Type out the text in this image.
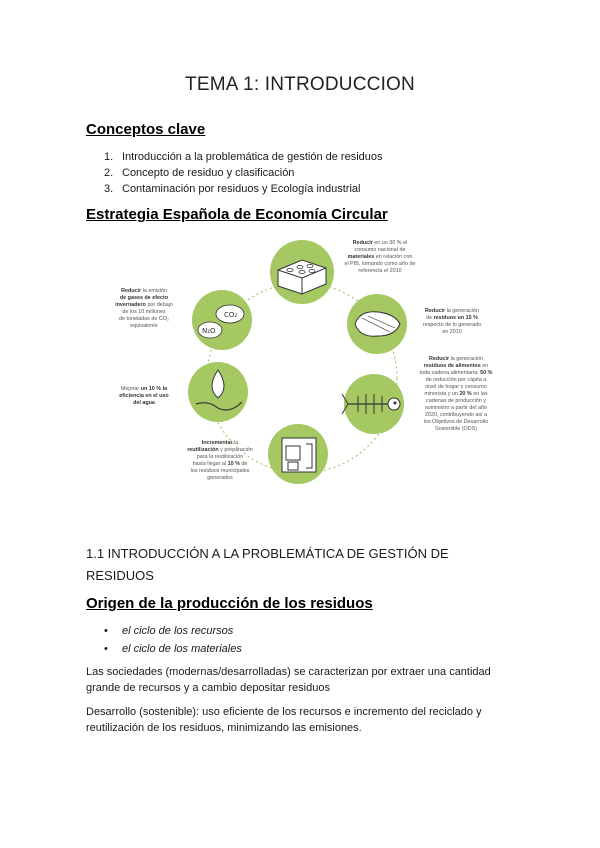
TEMA 1: INTRODUCCION
Conceptos clave
1. Introducción a la problemática de gestión de residuos
2. Concepto de residuo y clasificación
3. Contaminación por residuos y Ecología industrial
Estrategia Española de Economía Circular
CO₂
N₂O
Reducir en un 30 % el
consumo nacional de
materiales en relación con
el PIB, tomando como año de
referencia el 2010
Reducir la emisión
de gases de efecto
invernadero por debajo
de los 10 millones
de toneladas de CO₂
equivalente
Reducir la generación
de residuos un 15 %
respecto de lo generado
en 2010
Mejorar un 10 % la
eficiencia en el uso
del agua
Reducir la generación
residuos de alimentos en
toda cadena alimentaria: 50 %
de reducción per cápita a
nivel de hogar y consumo
minorista y un 20 % en las
cadenas de producción y
suministro a partir del año
2020, contribuyendo así a
los Objetivos de Desarrollo
Sostenible (ODS)
Incrementar la
reutilización y preparación
para la reutilización
hasta llegar al 10 % de
los residuos municipales
generados
1.1 INTRODUCCIÓN A LA PROBLEMÁTICA DE GESTIÓN DE RESIDUOS
Origen de la producción de los residuos
• el ciclo de los recursos
• el ciclo de los materiales
Las sociedades (modernas/desarrolladas) se caracterizan por extraer una cantidad grande de recursos y a cambio depositar residuos
Desarrollo (sostenible): uso eficiente de los recursos e incremento del reciclado y reutilización de los residuos, minimizando las emisiones.
